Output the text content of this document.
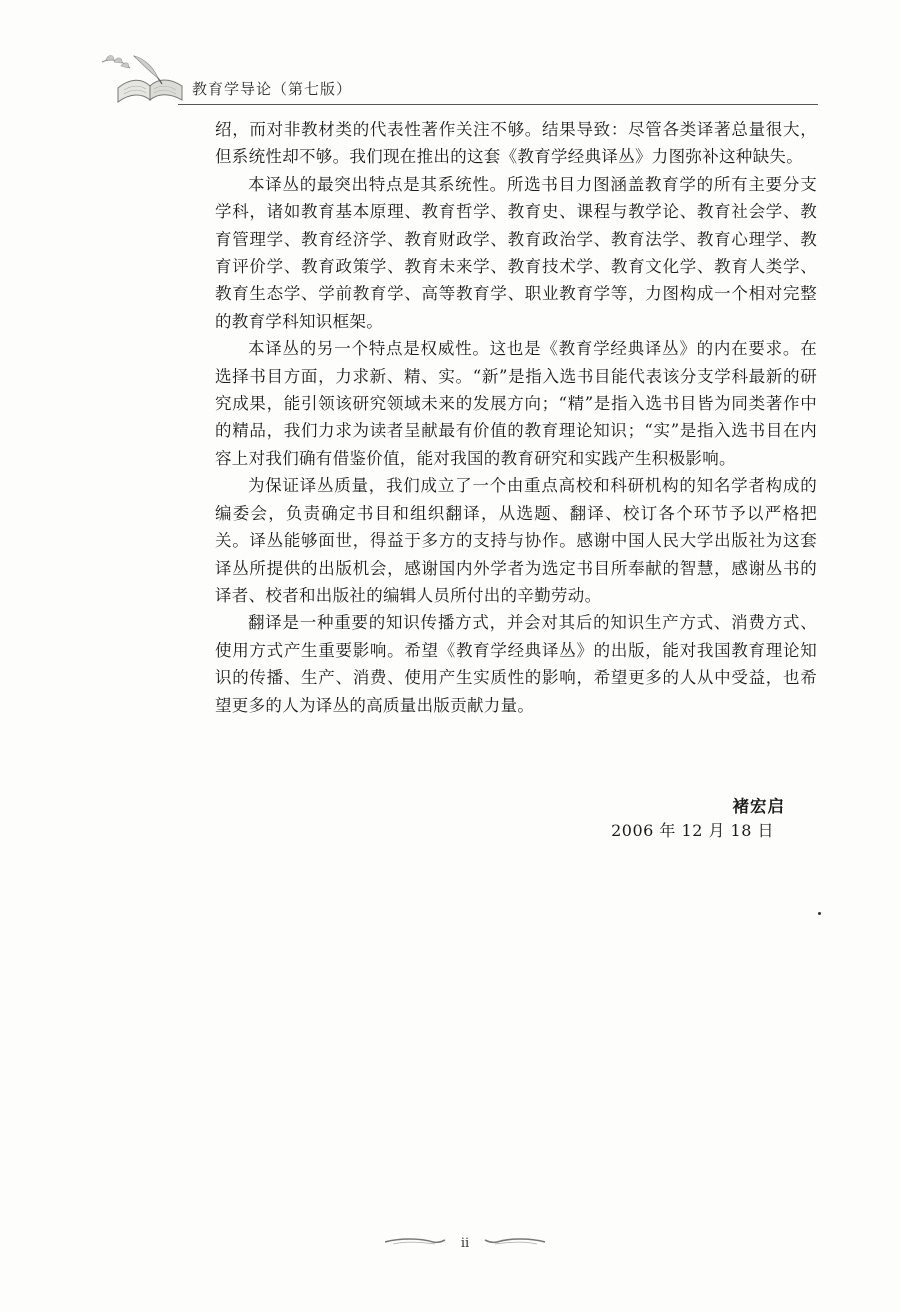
教育学导论（第七版）

绍，而对非教材类的代表性著作关注不够。结果导致：尽管各类译著总量很大，但系统性却不够。我们现在推出的这套《教育学经典译丛》力图弥补这种缺失。

本译丛的最突出特点是其系统性。所选书目力图涵盖教育学的所有主要分支学科，诸如教育基本原理、教育哲学、教育史、课程与教学论、教育社会学、教育管理学、教育经济学、教育财政学、教育政治学、教育法学、教育心理学、教育评价学、教育政策学、教育未来学、教育技术学、教育文化学、教育人类学、教育生态学、学前教育学、高等教育学、职业教育学等，力图构成一个相对完整的教育学科知识框架。

本译丛的另一个特点是权威性。这也是《教育学经典译丛》的内在要求。在选择书目方面，力求新、精、实。“新”是指入选书目能代表该分支学科最新的研究成果，能引领该研究领域未来的发展方向；“精”是指入选书目皆为同类著作中的精品，我们力求为读者呈献最有价值的教育理论知识；“实”是指入选书目在内容上对我们确有借鉴价值，能对我国的教育研究和实践产生积极影响。

为保证译丛质量，我们成立了一个由重点高校和科研机构的知名学者构成的编委会，负责确定书目和组织翻译，从选题、翻译、校订各个环节予以严格把关。译丛能够面世，得益于多方的支持与协作。感谢中国人民大学出版社为这套译丛所提供的出版机会，感谢国内外学者为选定书目所奉献的智慧，感谢丛书的译者、校者和出版社的编辑人员所付出的辛勤劳动。

翻译是一种重要的知识传播方式，并会对其后的知识生产方式、消费方式、使用方式产生重要影响。希望《教育学经典译丛》的出版，能对我国教育理论知识的传播、生产、消费、使用产生实质性的影响，希望更多的人从中受益，也希望更多的人为译丛的高质量出版贡献力量。

褚宏启
2006 年 12 月 18 日
ii
